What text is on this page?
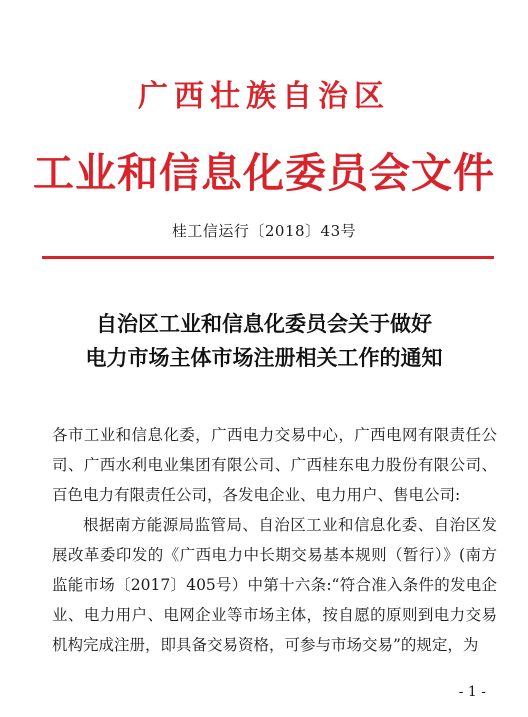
广西壮族自治区
工业和信息化委员会文件
桂工信运行〔2018〕43号
自治区工业和信息化委员会关于做好
电力市场主体市场注册相关工作的通知

各市工业和信息化委，广西电力交易中心，广西电网有限责任公司、广西水利电业集团有限公司、广西桂东电力股份有限公司、百色电力有限责任公司，各发电企业、电力用户、售电公司:

根据南方能源局监管局、自治区工业和信息化委、自治区发展改革委印发的《广西电力中长期交易基本规则（暂行）》(南方监能市场〔2017〕405号）中第十六条:“符合准入条件的发电企业、电力用户、电网企业等市场主体，按自愿的原则到电力交易机构完成注册，即具备交易资格，可参与市场交易”的规定，为

- 1 -
